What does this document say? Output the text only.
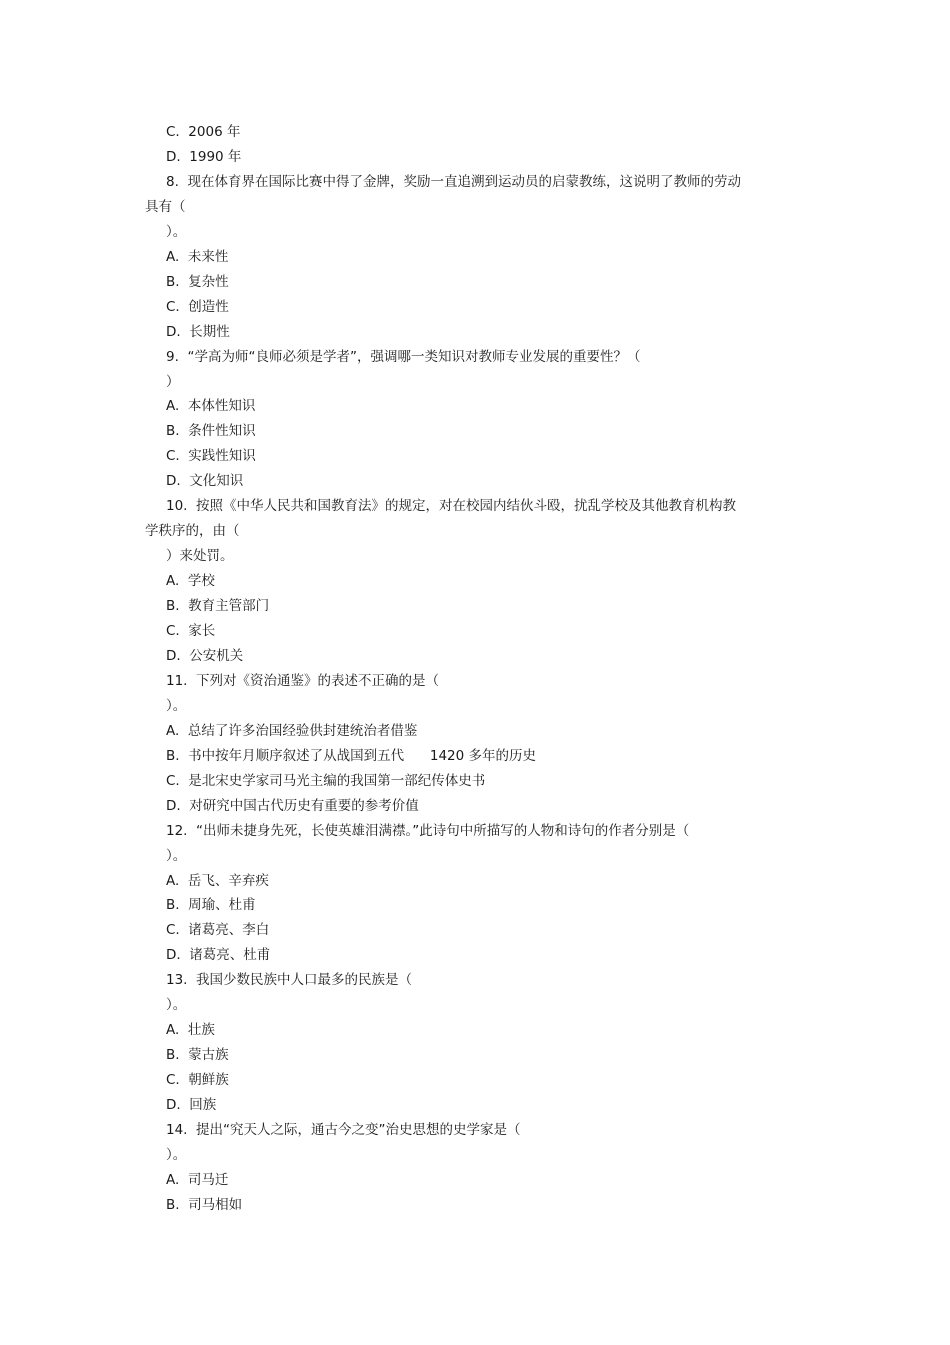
C.  2006 年
D.  1990 年
8.  现在体育界在国际比赛中得了金牌，奖励一直追溯到运动员的启蒙教练，这说明了教师的劳动
具有（
）。
A.  未来性
B.  复杂性
C.  创造性
D.  长期性
9.  “学高为师“良师必须是学者”，强调哪一类知识对教师专业发展的重要性？（
）
A.  本体性知识
B.  条件性知识
C.  实践性知识
D.  文化知识
10.  按照《中华人民共和国教育法》的规定，对在校园内结伙斗殴，扰乱学校及其他教育机构教
学秩序的，由（
）来处罚。
A.  学校
B.  教育主管部门
C.  家长
D.  公安机关
11.  下列对《资治通鉴》的表述不正确的是（
）。
A.  总结了许多治国经验供封建统治者借鉴
B.  书中按年月顺序叙述了从战国到五代      1420 多年的历史
C.  是北宋史学家司马光主编的我国第一部纪传体史书
D.  对研究中国古代历史有重要的参考价值
12.  “出师未捷身先死，长使英雄泪满襟。”此诗句中所描写的人物和诗句的作者分别是（
）。
A.  岳飞、辛弃疾
B.  周瑜、杜甫
C.  诸葛亮、李白
D.  诸葛亮、杜甫
13.  我国少数民族中人口最多的民族是（
）。
A.  壮族
B.  蒙古族
C.  朝鲜族
D.  回族
14.  提出“究天人之际，通古今之变”治史思想的史学家是（
）。
A.  司马迁
B.  司马相如
